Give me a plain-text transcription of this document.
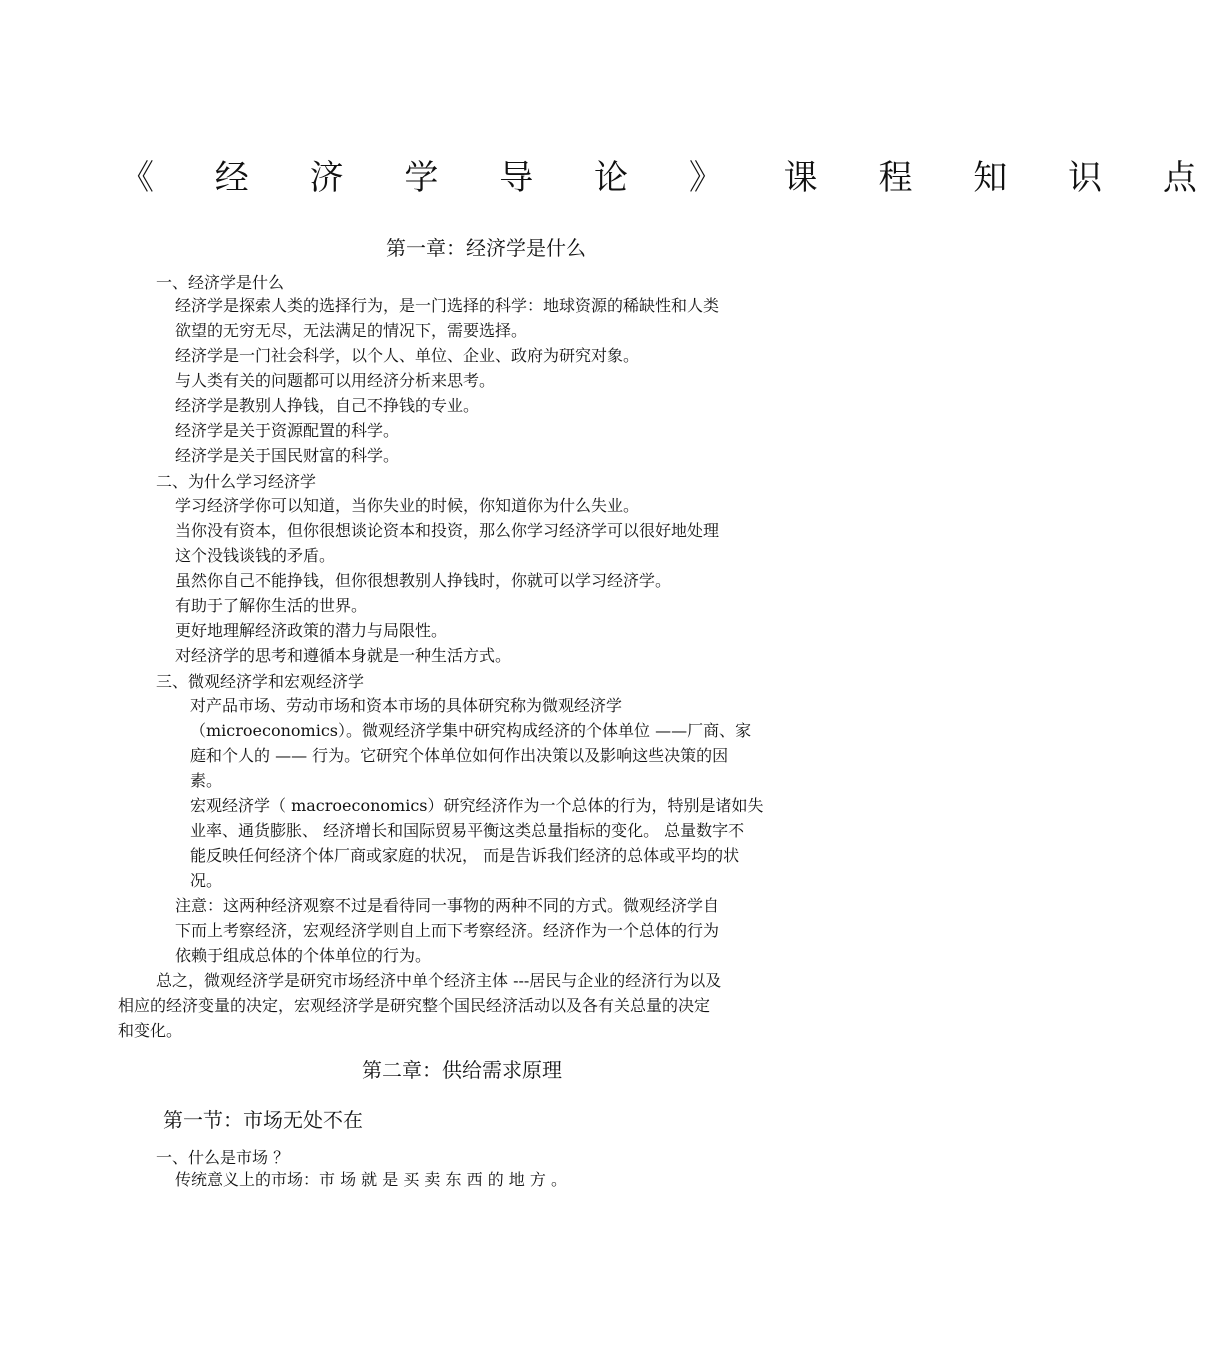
《 经 济 学 导 论 》 课 程 知 识 点
第一章：经济学是什么
一、经济学是什么
经济学是探索人类的选择行为，是一门选择的科学：地球资源的稀缺性和人类
欲望的无穷无尽，无法满足的情况下，需要选择。
经济学是一门社会科学，以个人、单位、企业、政府为研究对象。
与人类有关的问题都可以用经济分析来思考。
经济学是教别人挣钱，自己不挣钱的专业。
经济学是关于资源配置的科学。
经济学是关于国民财富的科学。
二、为什么学习经济学
学习经济学你可以知道，当你失业的时候，你知道你为什么失业。
当你没有资本，但你很想谈论资本和投资，那么你学习经济学可以很好地处理
这个没钱谈钱的矛盾。
虽然你自己不能挣钱，但你很想教别人挣钱时，你就可以学习经济学。
有助于了解你生活的世界。
更好地理解经济政策的潜力与局限性。
对经济学的思考和遵循本身就是一种生活方式。
三、微观经济学和宏观经济学
对产品市场、劳动市场和资本市场的具体研究称为微观经济学
（microeconomics）。微观经济学集中研究构成经济的个体单位 ——厂商、家
庭和个人的 —— 行为。它研究个体单位如何作出决策以及影响这些决策的因
素。
宏观经济学（ macroeconomics）研究经济作为一个总体的行为，特别是诸如失
业率、通货膨胀、 经济增长和国际贸易平衡这类总量指标的变化。 总量数字不
能反映任何经济个体厂商或家庭的状况， 而是告诉我们经济的总体或平均的状
况。
注意：这两种经济观察不过是看待同一事物的两种不同的方式。微观经济学自
下而上考察经济，宏观经济学则自上而下考察经济。经济作为一个总体的行为
依赖于组成总体的个体单位的行为。
总之，微观经济学是研究市场经济中单个经济主体 ---居民与企业的经济行为以及
相应的经济变量的决定，宏观经济学是研究整个国民经济活动以及各有关总量的决定
和变化。
第二章：供给需求原理
第一节：市场无处不在
一、什么是市场 ？
传统意义上的市场：市 场 就 是 买 卖 东 西 的 地 方 。
